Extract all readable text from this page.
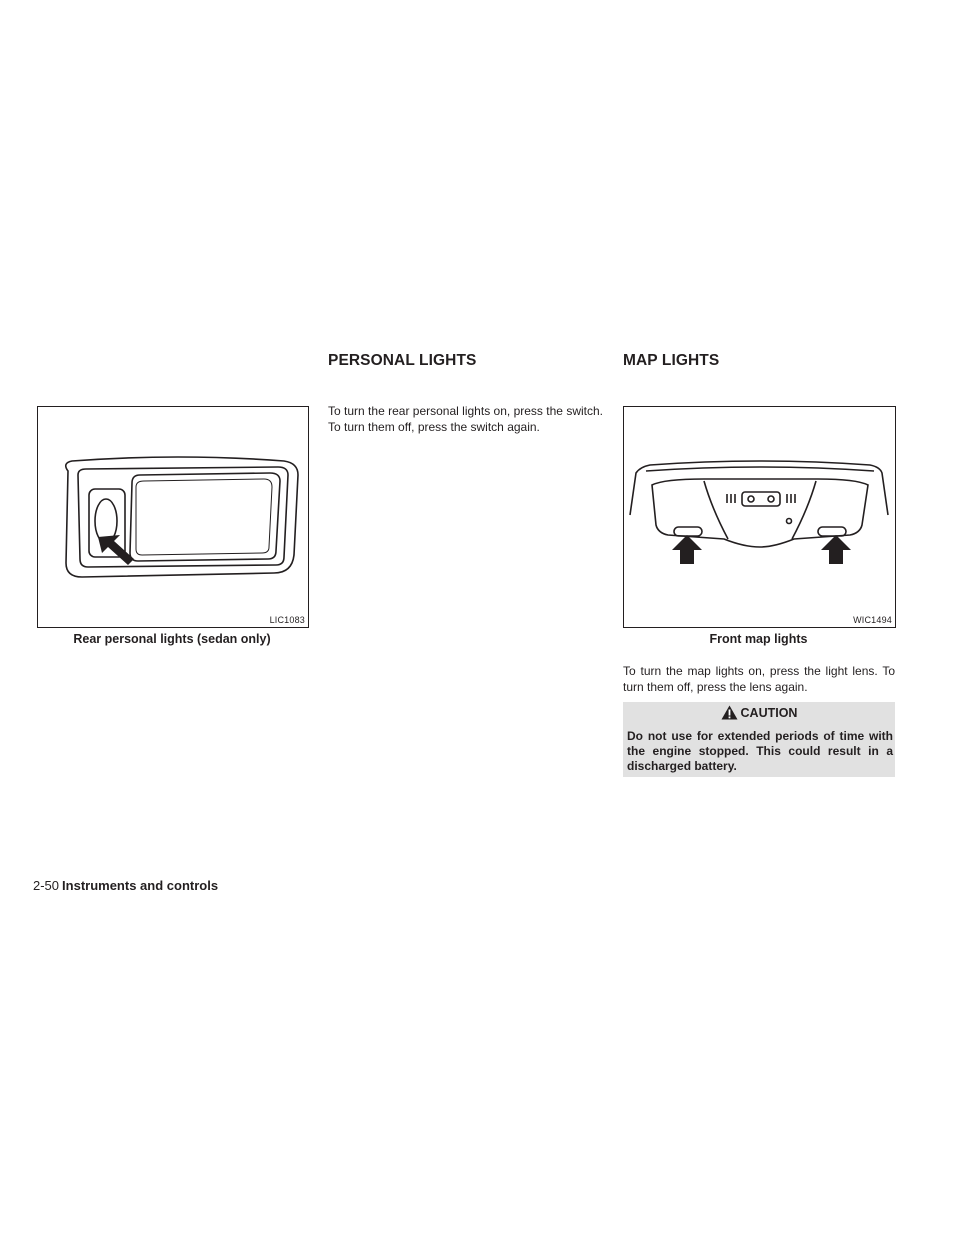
PERSONAL LIGHTS	MAP LIGHTS
LIC1083

Rear personal lights (sedan only)

To turn the rear personal lights on, press the switch. To turn them off, press the switch again.

WIC1494

Front map lights

To turn the map lights on, press the light lens. To turn them off, press the lens again.

CAUTION

Do not use for extended periods of time with the engine stopped. This could result in a discharged battery.

2-50 Instruments and controls
